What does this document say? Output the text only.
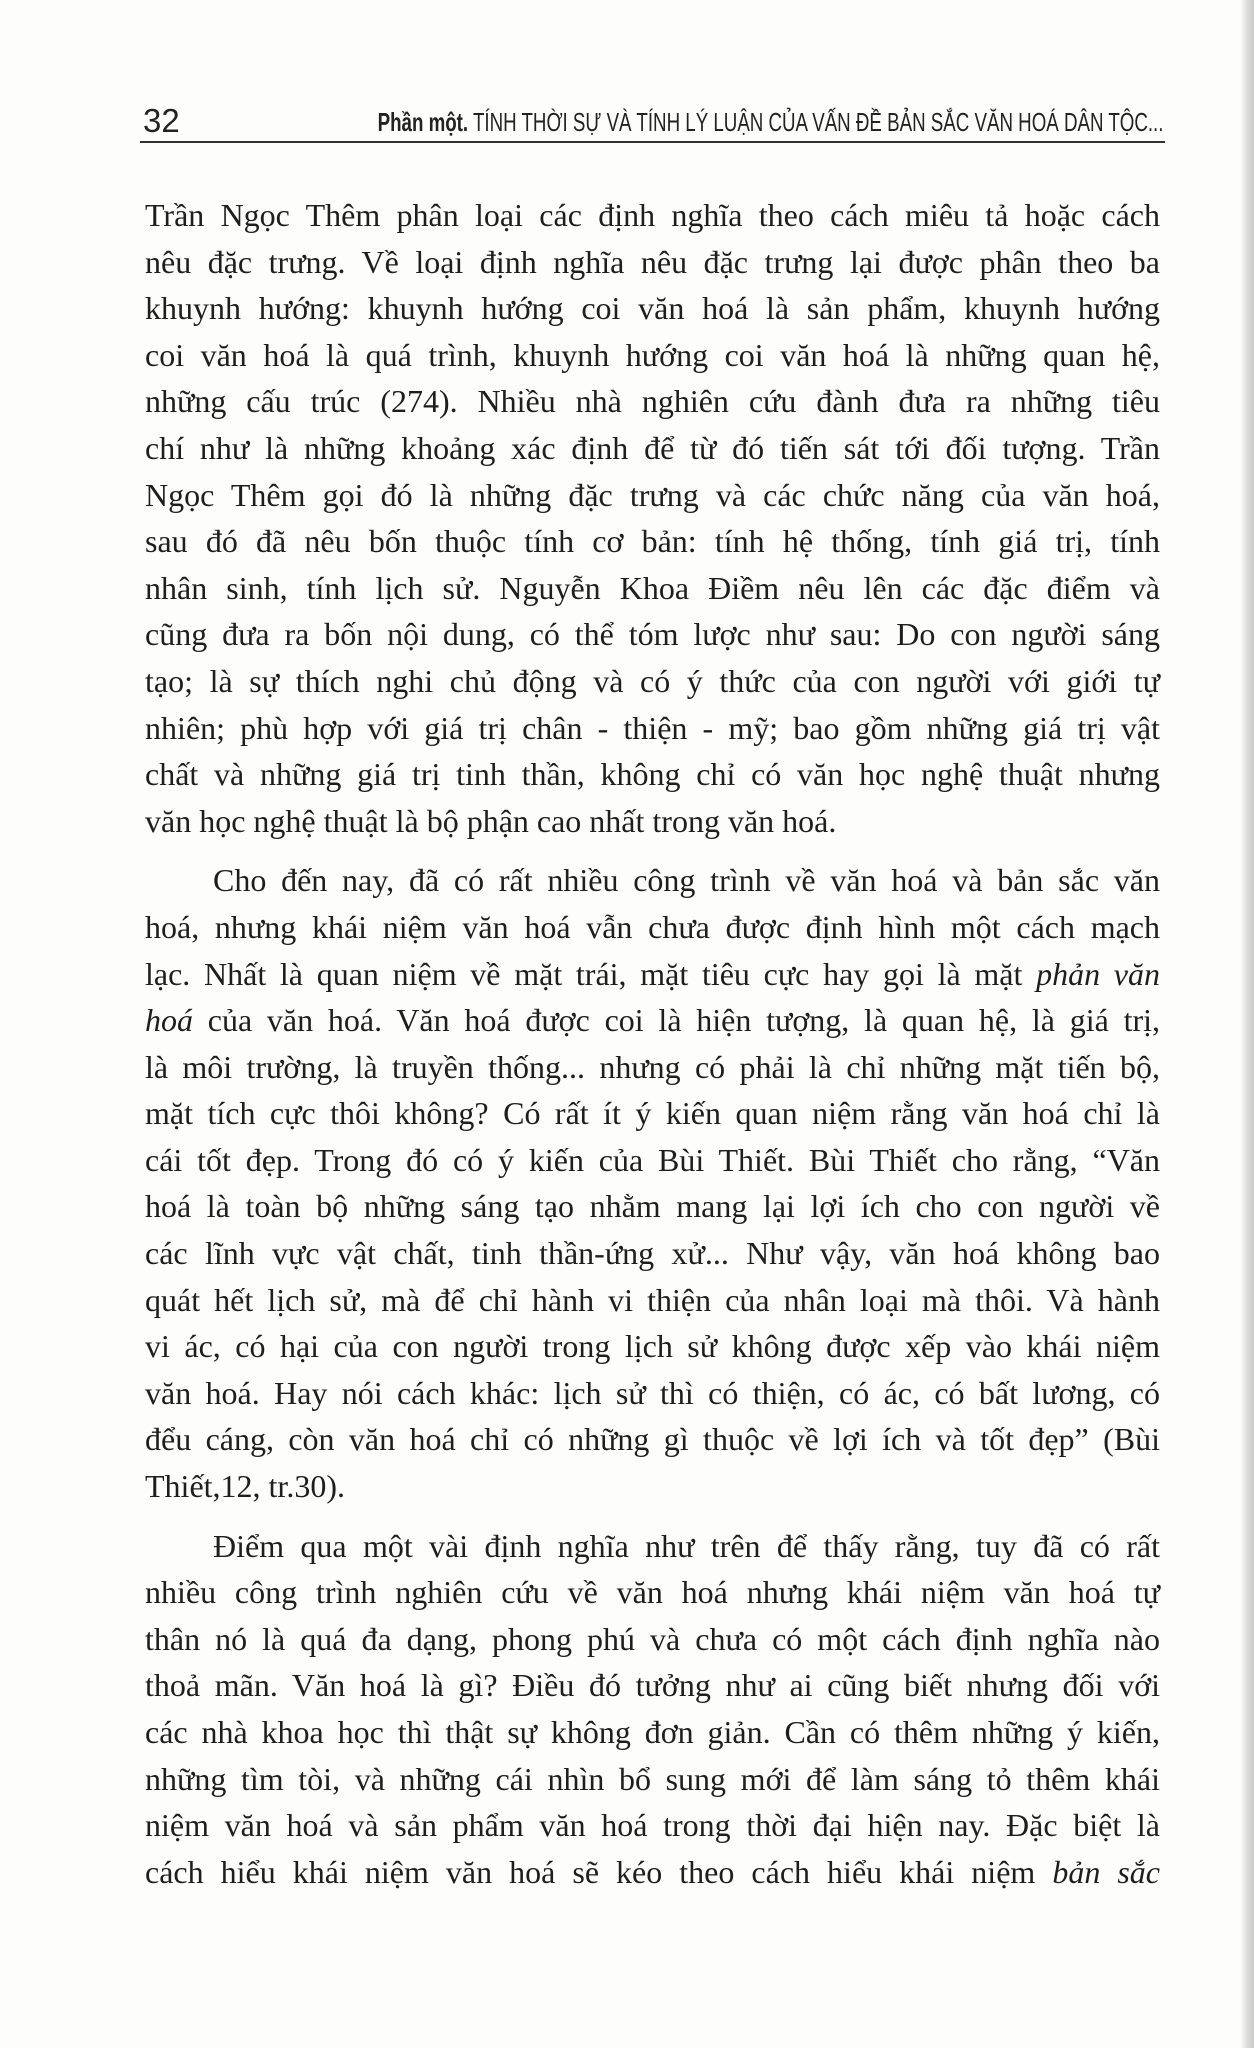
32	Phần một. TÍNH THỜI SỰ VÀ TÍNH LÝ LUẬN CỦA VẤN ĐỀ BẢN SẮC VĂN HOÁ DÂN TỘC...
Trần Ngọc Thêm phân loại các định nghĩa theo cách miêu tả hoặc cách
nêu đặc trưng. Về loại định nghĩa nêu đặc trưng lại được phân theo ba
khuynh hướng: khuynh hướng coi văn hoá là sản phẩm, khuynh hướng
coi văn hoá là quá trình, khuynh hướng coi văn hoá là những quan hệ,
những cấu trúc (274). Nhiều nhà nghiên cứu đành đưa ra những tiêu
chí như là những khoảng xác định để từ đó tiến sát tới đối tượng. Trần
Ngọc Thêm gọi đó là những đặc trưng và các chức năng của văn hoá,
sau đó đã nêu bốn thuộc tính cơ bản: tính hệ thống, tính giá trị, tính
nhân sinh, tính lịch sử. Nguyễn Khoa Điềm nêu lên các đặc điểm và
cũng đưa ra bốn nội dung, có thể tóm lược như sau: Do con người sáng
tạo; là sự thích nghi chủ động và có ý thức của con người với giới tự
nhiên; phù hợp với giá trị chân - thiện - mỹ; bao gồm những giá trị vật
chất và những giá trị tinh thần, không chỉ có văn học nghệ thuật nhưng
văn học nghệ thuật là bộ phận cao nhất trong văn hoá.
Cho đến nay, đã có rất nhiều công trình về văn hoá và bản sắc văn
hoá, nhưng khái niệm văn hoá vẫn chưa được định hình một cách mạch
lạc. Nhất là quan niệm về mặt trái, mặt tiêu cực hay gọi là mặt phản văn
hoá của văn hoá. Văn hoá được coi là hiện tượng, là quan hệ, là giá trị,
là môi trường, là truyền thống... nhưng có phải là chỉ những mặt tiến bộ,
mặt tích cực thôi không? Có rất ít ý kiến quan niệm rằng văn hoá chỉ là
cái tốt đẹp. Trong đó có ý kiến của Bùi Thiết. Bùi Thiết cho rằng, “Văn
hoá là toàn bộ những sáng tạo nhằm mang lại lợi ích cho con người về
các lĩnh vực vật chất, tinh thần-ứng xử... Như vậy, văn hoá không bao
quát hết lịch sử, mà để chỉ hành vi thiện của nhân loại mà thôi. Và hành
vi ác, có hại của con người trong lịch sử không được xếp vào khái niệm
văn hoá. Hay nói cách khác: lịch sử thì có thiện, có ác, có bất lương, có
đểu cáng, còn văn hoá chỉ có những gì thuộc về lợi ích và tốt đẹp” (Bùi
Thiết,12, tr.30).
Điểm qua một vài định nghĩa như trên để thấy rằng, tuy đã có rất
nhiều công trình nghiên cứu về văn hoá nhưng khái niệm văn hoá tự
thân nó là quá đa dạng, phong phú và chưa có một cách định nghĩa nào
thoả mãn. Văn hoá là gì? Điều đó tưởng như ai cũng biết nhưng đối với
các nhà khoa học thì thật sự không đơn giản. Cần có thêm những ý kiến,
những tìm tòi, và những cái nhìn bổ sung mới để làm sáng tỏ thêm khái
niệm văn hoá và sản phẩm văn hoá trong thời đại hiện nay. Đặc biệt là
cách hiểu khái niệm văn hoá sẽ kéo theo cách hiểu khái niệm bản sắc
